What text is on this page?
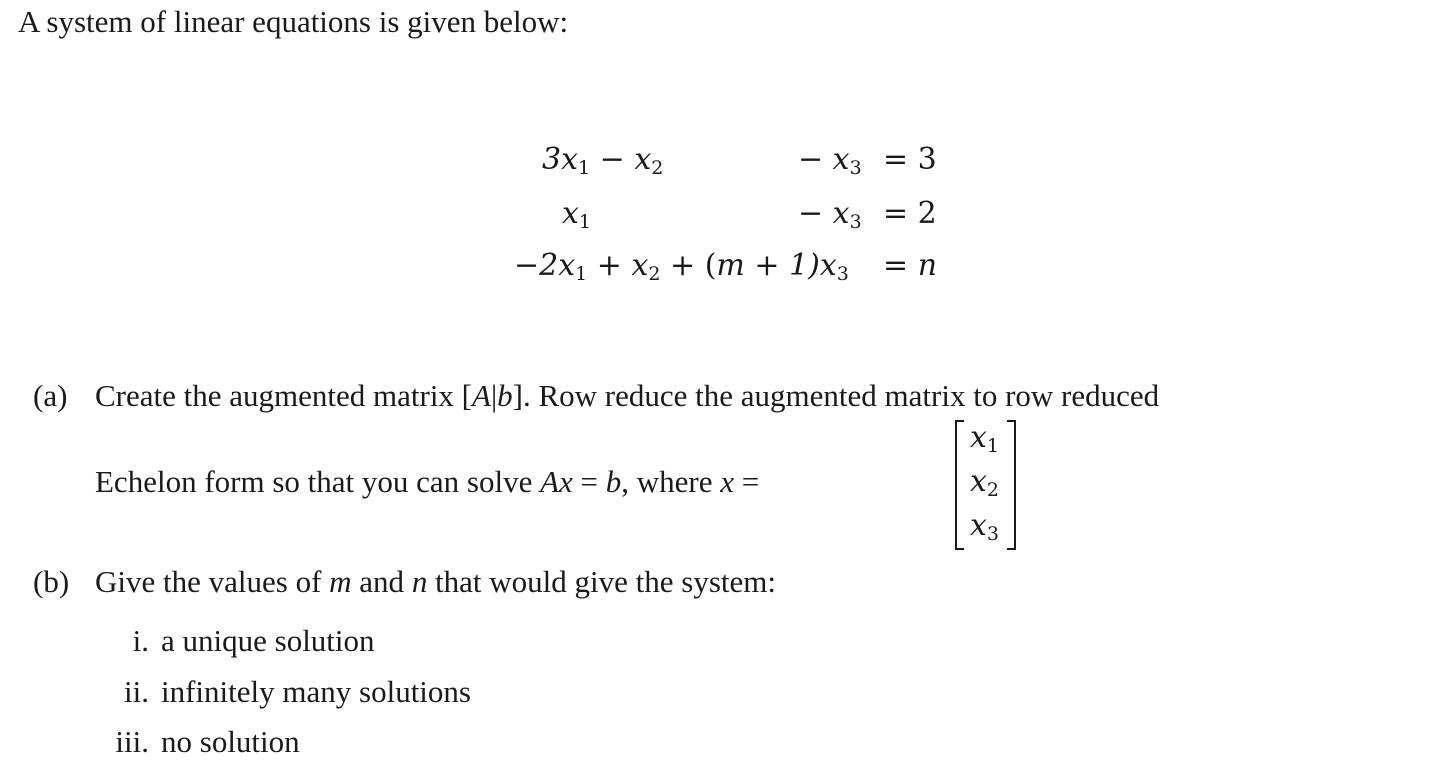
A system of linear equations is given below:
$3x_1 - x_2$	− $x_3 = 3$
$x_1$	− $x_3 = 2$
$-2x_1 + x_2 + (m + 1)x_3 = n$
(a) Create the augmented matrix [A|b]. Row reduce the augmented matrix to row reduced
Echelon form so that you can solve Ax = b, where x =
$x_1$
$x_2$
$x_3$
(b) Give the values of m and n that would give the system:
i. a unique solution
ii. infinitely many solutions
iii. no solution
